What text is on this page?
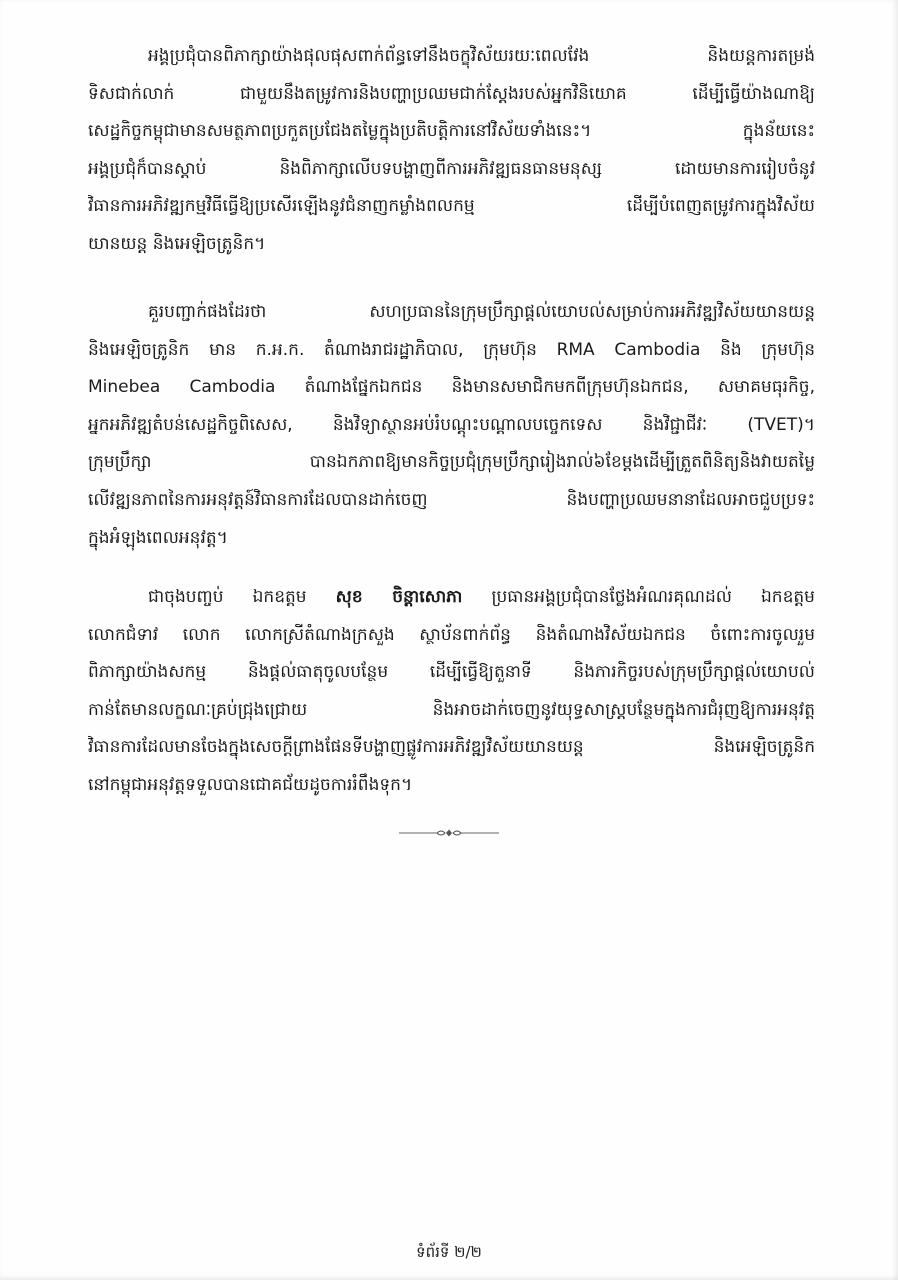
អង្គប្រជុំបានពិភាក្សាយ៉ាងផុលផុសពាក់ព័ន្ធទៅនឹងចក្ខុវិស័យរយៈពេលវែង និងយន្តការតម្រង់
ទិសជាក់លាក់ ជាមួយនឹងតម្រូវការនិងបញ្ហាប្រឈមជាក់ស្តែងរបស់អ្នកវិនិយោគ ដើម្បីធ្វើយ៉ាងណាឱ្យ
សេដ្ឋកិច្ចកម្ពុជាមានសមត្ថភាពប្រកួតប្រជែងតម្លៃក្នុងប្រតិបត្តិការនៅវិស័យទាំងនេះ។ ក្នុងន័យនេះ
អង្គប្រជុំក៏បានស្តាប់ និងពិភាក្សាលើបទបង្ហាញពីការអភិវឌ្ឍធនធានមនុស្ស ដោយមានការរៀបចំនូវ
វិធានការអភិវឌ្ឍកម្មវិធីធ្វើឱ្យប្រសើរឡើងនូវជំនាញកម្លាំងពលកម្ម ដើម្បីបំពេញតម្រូវការក្នុងវិស័យ
យានយន្ត និងអេឡិចត្រូនិក។
គួរបញ្ជាក់ផងដែរថា សហប្រធាននៃក្រុមប្រឹក្សាផ្តល់យោបល់សម្រាប់ការអភិវឌ្ឍវិស័យយានយន្ត
និងអេឡិចត្រូនិក មាន ក.អ.ក. តំណាងរាជរដ្ឋាភិបាល, ក្រុមហ៊ុន RMA Cambodia និង ក្រុមហ៊ុន
Minebea Cambodia តំណាងផ្នែកឯកជន និងមានសមាជិកមកពីក្រុមហ៊ុនឯកជន, សមាគមធុរកិច្ច,
អ្នកអភិវឌ្ឍតំបន់សេដ្ឋកិច្ចពិសេស, និងវិទ្យាស្ថានអប់រំបណ្តុះបណ្តាលបច្ចេកទេស និងវិជ្ជាជីវៈ (TVET)។
ក្រុមប្រឹក្សា បានឯកភាពឱ្យមានកិច្ចប្រជុំក្រុមប្រឹក្សារៀងរាល់៦ខែម្តងដើម្បីត្រួតពិនិត្យនិងវាយតម្លៃ
លើវឌ្ឍនភាពនៃការអនុវត្តន៍វិធានការដែលបានដាក់ចេញ និងបញ្ហាប្រឈមនានាដែលអាចជួបប្រទះ
ក្នុងអំឡុងពេលអនុវត្ត។
ជាចុងបញ្ចប់ ឯកឧត្តម សុខ ចិន្តាសោភា ប្រធានអង្គប្រជុំបានថ្លែងអំណរគុណដល់ ឯកឧត្តម
លោកជំទាវ លោក លោកស្រីតំណាងក្រសួង ស្ថាប័នពាក់ព័ន្ធ និងតំណាងវិស័យឯកជន ចំពោះការចូលរួម
ពិភាក្សាយ៉ាងសកម្ម និងផ្តល់ធាតុចូលបន្ថែម ដើម្បីធ្វើឱ្យតួនាទី និងភារកិច្ចរបស់ក្រុមប្រឹក្សាផ្តល់យោបល់
កាន់តែមានលក្ខណៈគ្រប់ជ្រុងជ្រោយ និងអាចដាក់ចេញនូវយុទ្ធសាស្ត្របន្ថែមក្នុងការជំរុញឱ្យការអនុវត្ត
វិធានការដែលមានចែងក្នុងសេចក្តីព្រាងផែនទីបង្ហាញផ្លូវការអភិវឌ្ឍវិស័យយានយន្ត និងអេឡិចត្រូនិក
នៅកម្ពុជាអនុវត្តទទួលបានជោគជ័យដូចការរំពឹងទុក។
ទំព័រទី ២/២
